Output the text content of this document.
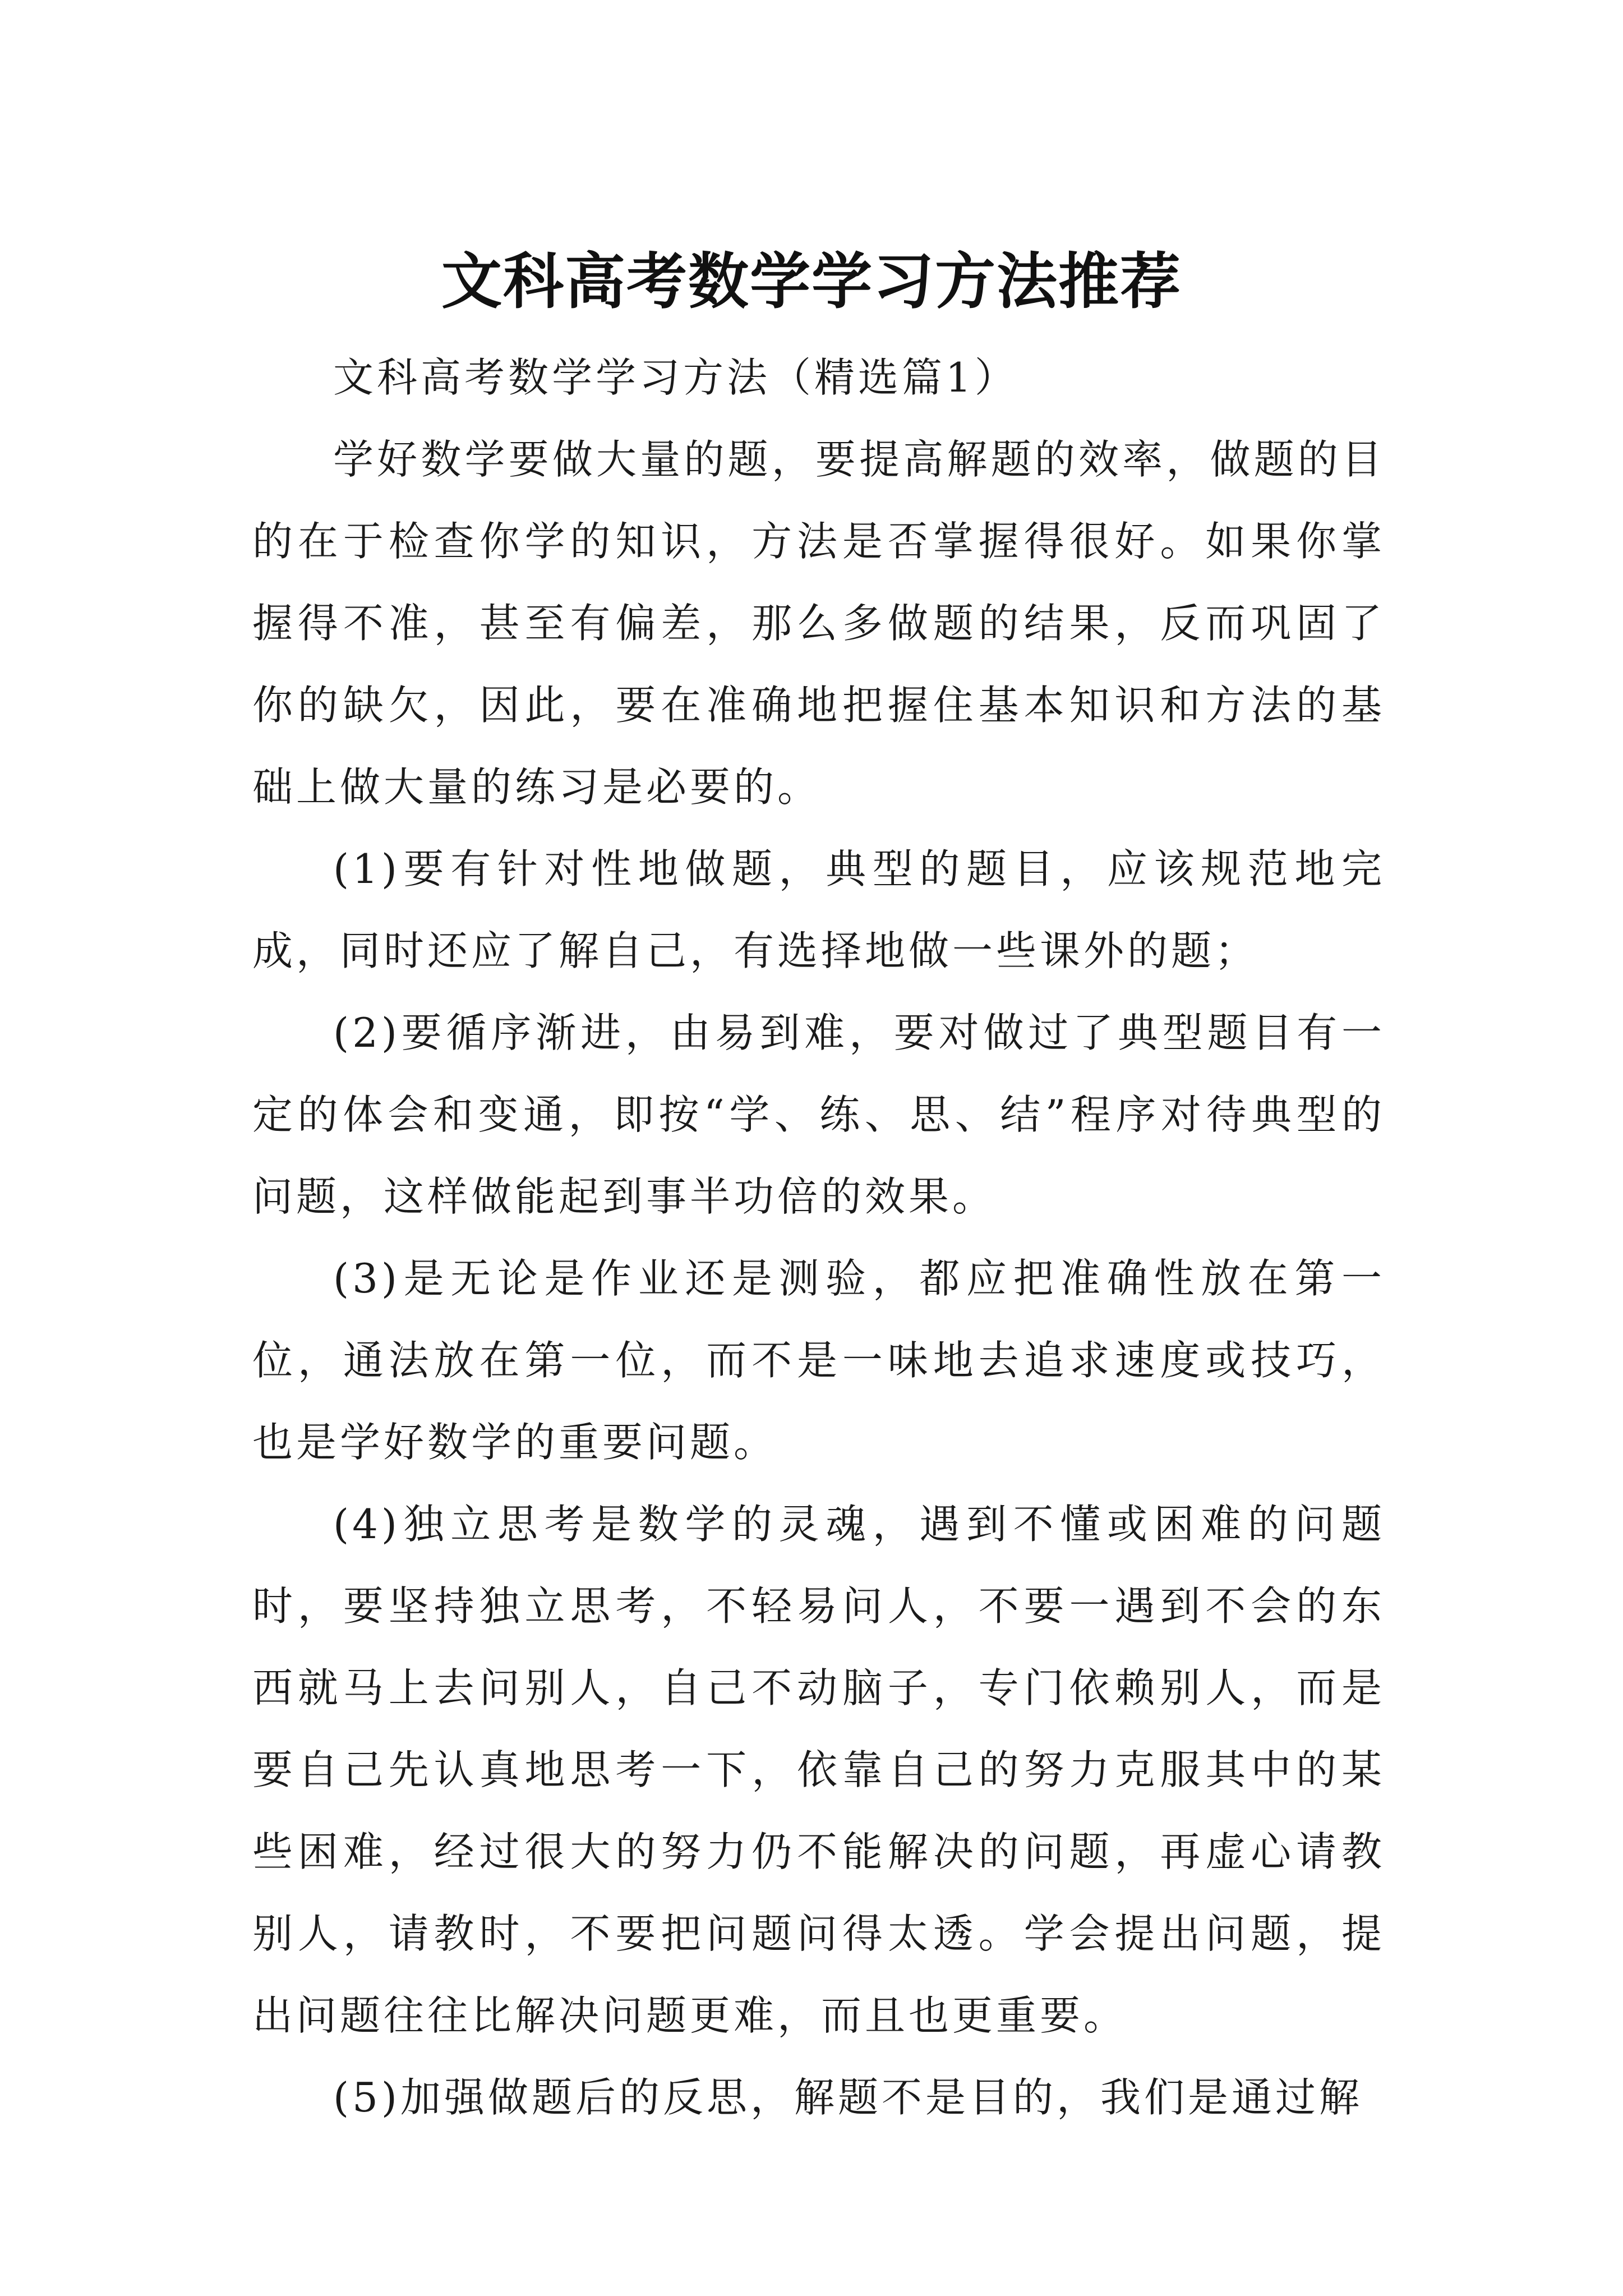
文科高考数学学习方法推荐

文科高考数学学习方法（精选篇1）

学好数学要做大量的题，要提高解题的效率，做题的目的在于检查你学的知识，方法是否掌握得很好。如果你掌握得不准，甚至有偏差，那么多做题的结果，反而巩固了你的缺欠，因此，要在准确地把握住基本知识和方法的基础上做大量的练习是必要的。

(1)要有针对性地做题，典型的题目，应该规范地完成，同时还应了解自己，有选择地做一些课外的题；

(2)要循序渐进，由易到难，要对做过了典型题目有一定的体会和变通，即按“学、练、思、结”程序对待典型的问题，这样做能起到事半功倍的效果。

(3)是无论是作业还是测验，都应把准确性放在第一位，通法放在第一位，而不是一味地去追求速度或技巧，也是学好数学的重要问题。

(4)独立思考是数学的灵魂，遇到不懂或困难的问题时，要坚持独立思考，不轻易问人，不要一遇到不会的东西就马上去问别人，自己不动脑子，专门依赖别人，而是要自己先认真地思考一下，依靠自己的努力克服其中的某些困难，经过很大的努力仍不能解决的问题，再虚心请教别人，请教时，不要把问题问得太透。学会提出问题，提出问题往往比解决问题更难，而且也更重要。

(5)加强做题后的反思，解题不是目的，我们是通过解
